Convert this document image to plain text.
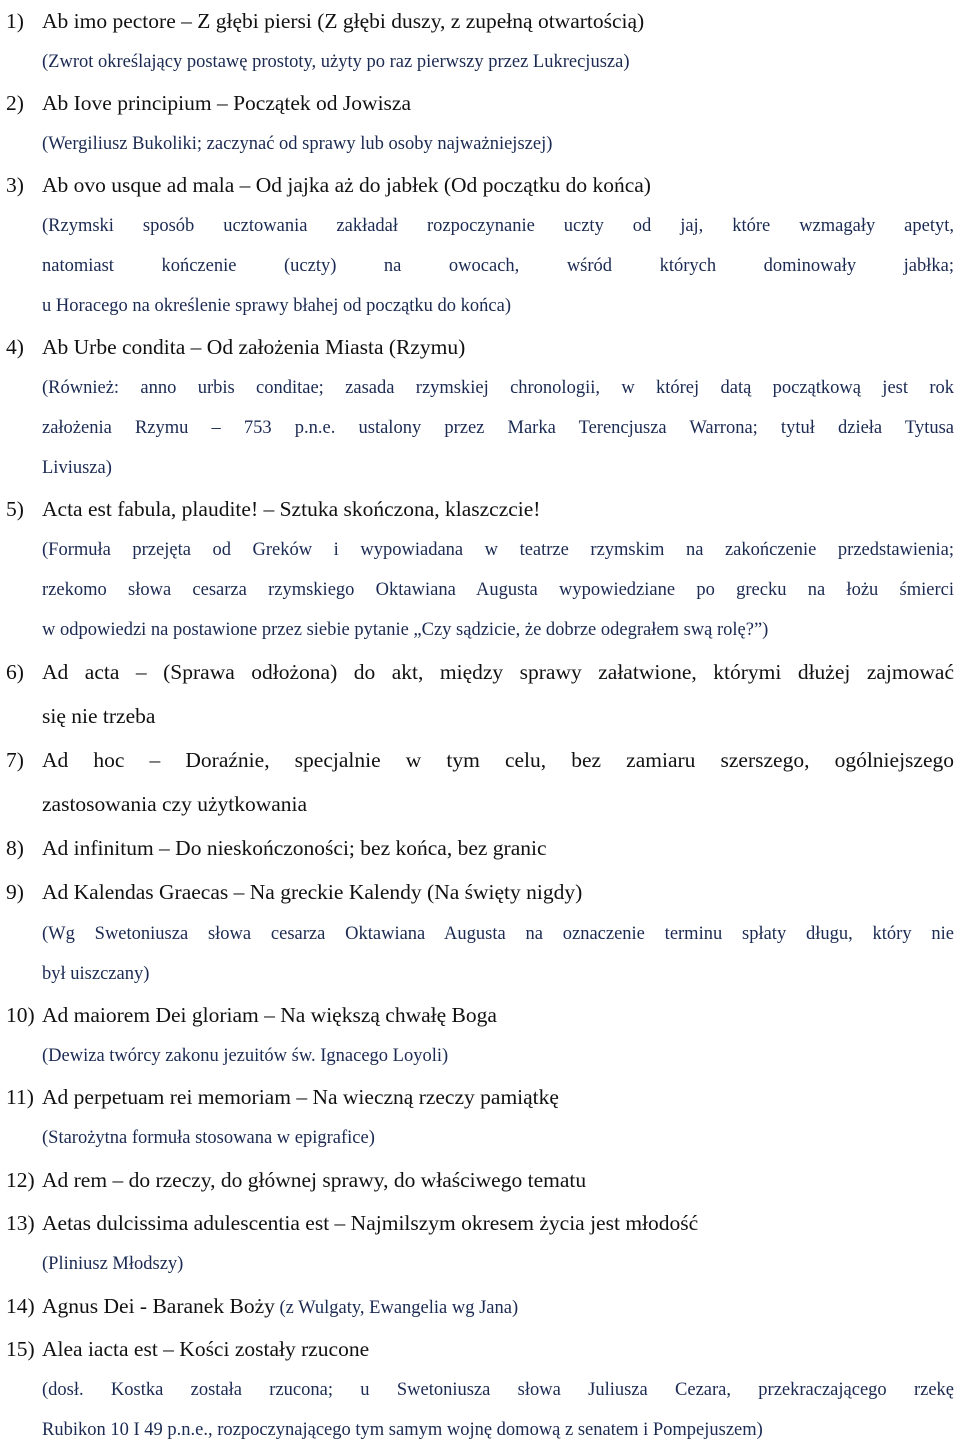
1) Ab imo pectore – Z głębi piersi (Z głębi duszy, z zupełną otwartością)
(Zwrot określający postawę prostoty, użyty po raz pierwszy przez Lukrecjusza)
2) Ab Iove principium – Początek od Jowisza
(Wergiliusz Bukoliki; zaczynać od sprawy lub osoby najważniejszej)
3) Ab ovo usque ad mala – Od jajka aż do jabłek (Od początku do końca)
(Rzymski sposób ucztowania zakładał rozpoczynanie uczty od jaj, które wzmagały apetyt,
natomiast kończenie (uczty) na owocach, wśród których dominowały jabłka;
u Horacego na określenie sprawy błahej od początku do końca)
4) Ab Urbe condita – Od założenia Miasta (Rzymu)
(Również: anno urbis conditae; zasada rzymskiej chronologii, w której datą początkową jest rok
założenia Rzymu – 753 p.n.e. ustalony przez Marka Terencjusza Warrona; tytuł dzieła Tytusa
Liviusza)
5) Acta est fabula, plaudite! – Sztuka skończona, klaszczcie!
(Formuła przejęta od Greków i wypowiadana w teatrze rzymskim na zakończenie przedstawienia;
rzekomo słowa cesarza rzymskiego Oktawiana Augusta wypowiedziane po grecku na łożu śmierci
w odpowiedzi na postawione przez siebie pytanie „Czy sądzicie, że dobrze odegrałem swą rolę?”)
6) Ad acta – (Sprawa odłożona) do akt, między sprawy załatwione, którymi dłużej zajmować
się nie trzeba
7) Ad hoc – Doraźnie, specjalnie w tym celu, bez zamiaru szerszego, ogólniejszego
zastosowania czy użytkowania
8) Ad infinitum – Do nieskończoności; bez końca, bez granic
9) Ad Kalendas Graecas – Na greckie Kalendy (Na święty nigdy)
(Wg Swetoniusza słowa cesarza Oktawiana Augusta na oznaczenie terminu spłaty długu, który nie
był uiszczany)
10) Ad maiorem Dei gloriam – Na większą chwałę Boga
(Dewiza twórcy zakonu jezuitów św. Ignacego Loyoli)
11) Ad perpetuam rei memoriam – Na wieczną rzeczy pamiątkę
(Starożytna formuła stosowana w epigrafice)
12) Ad rem – do rzeczy, do głównej sprawy, do właściwego tematu
13) Aetas dulcissima adulescentia est – Najmilszym okresem życia jest młodość
(Pliniusz Młodszy)
14) Agnus Dei - Baranek Boży (z Wulgaty, Ewangelia wg Jana)
15) Alea iacta est – Kości zostały rzucone
(dosł. Kostka została rzucona; u Swetoniusza słowa Juliusza Cezara, przekraczającego rzekę
Rubikon 10 I 49 p.n.e., rozpoczynającego tym samym wojnę domową z senatem i Pompejuszem)
